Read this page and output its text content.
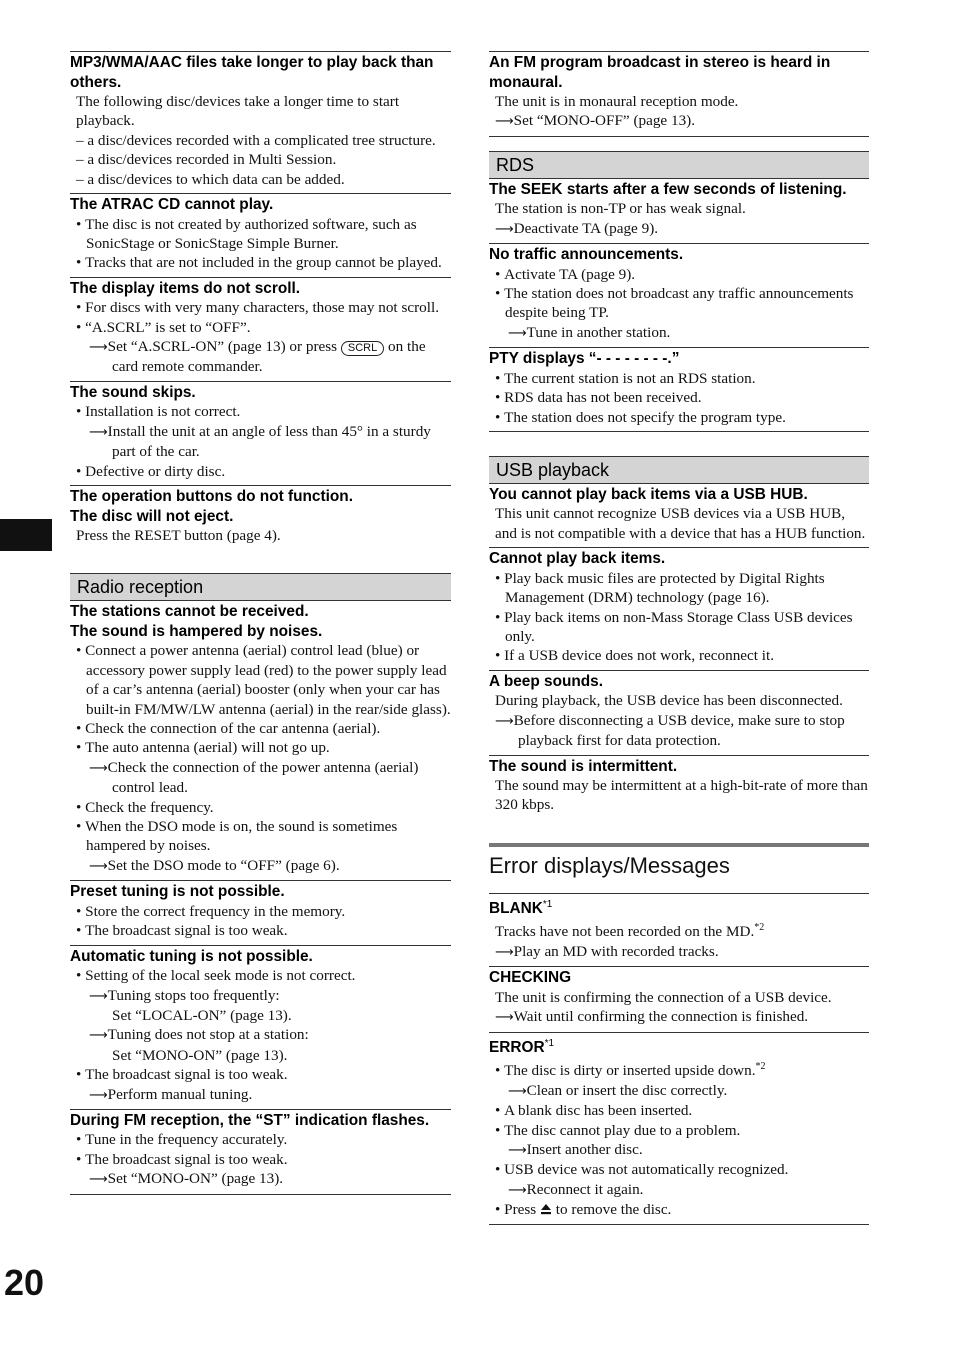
20
MP3/WMA/AAC files take longer to play back than others.
The following disc/devices take a longer time to start playback.
– a disc/devices recorded with a complicated tree structure.
– a disc/devices recorded in Multi Session.
– a disc/devices to which data can be added.
The ATRAC CD cannot play.
• The disc is not created by authorized software, such as SonicStage or SonicStage Simple Burner.
• Tracks that are not included in the group cannot be played.
The display items do not scroll.
• For discs with very many characters, those may not scroll.
• “A.SCRL” is set to “OFF”.
⟶Set “A.SCRL-ON” (page 13) or press SCRL on the card remote commander.
The sound skips.
• Installation is not correct.
⟶Install the unit at an angle of less than 45° in a sturdy part of the car.
• Defective or dirty disc.
The operation buttons do not function.
The disc will not eject.
Press the RESET button (page 4).
Radio reception
The stations cannot be received.
The sound is hampered by noises.
• Connect a power antenna (aerial) control lead (blue) or accessory power supply lead (red) to the power supply lead of a car’s antenna (aerial) booster (only when your car has built-in FM/MW/LW antenna (aerial) in the rear/side glass).
• Check the connection of the car antenna (aerial).
• The auto antenna (aerial) will not go up.
⟶Check the connection of the power antenna (aerial) control lead.
• Check the frequency.
• When the DSO mode is on, the sound is sometimes hampered by noises.
⟶Set the DSO mode to “OFF” (page 6).
Preset tuning is not possible.
• Store the correct frequency in the memory.
• The broadcast signal is too weak.
Automatic tuning is not possible.
• Setting of the local seek mode is not correct.
⟶Tuning stops too frequently:
Set “LOCAL-ON” (page 13).
⟶Tuning does not stop at a station:
Set “MONO-ON” (page 13).
• The broadcast signal is too weak.
⟶Perform manual tuning.
During FM reception, the “ST” indication flashes.
• Tune in the frequency accurately.
• The broadcast signal is too weak.
⟶Set “MONO-ON” (page 13).
An FM program broadcast in stereo is heard in monaural.
The unit is in monaural reception mode.
⟶Set “MONO-OFF” (page 13).
RDS
The SEEK starts after a few seconds of listening.
The station is non-TP or has weak signal.
⟶Deactivate TA (page 9).
No traffic announcements.
• Activate TA (page 9).
• The station does not broadcast any traffic announcements despite being TP.
⟶Tune in another station.
PTY displays “- - - - - - - -.”
• The current station is not an RDS station.
• RDS data has not been received.
• The station does not specify the program type.
USB playback
You cannot play back items via a USB HUB.
This unit cannot recognize USB devices via a USB HUB, and is not compatible with a device that has a HUB function.
Cannot play back items.
• Play back music files are protected by Digital Rights Management (DRM) technology (page 16).
• Play back items on non-Mass Storage Class USB devices only.
• If a USB device does not work, reconnect it.
A beep sounds.
During playback, the USB device has been disconnected.
⟶Before disconnecting a USB device, make sure to stop playback first for data protection.
The sound is intermittent.
The sound may be intermittent at a high-bit-rate of more than 320 kbps.
Error displays/Messages
BLANK$^{*1}$
Tracks have not been recorded on the MD.$^{*2}$
⟶Play an MD with recorded tracks.
CHECKING
The unit is confirming the connection of a USB device.
⟶Wait until confirming the connection is finished.
ERROR$^{*1}$
• The disc is dirty or inserted upside down.$^{*2}$
⟶Clean or insert the disc correctly.
• A blank disc has been inserted.
• The disc cannot play due to a problem.
⟶Insert another disc.
• USB device was not automatically recognized.
⟶Reconnect it again.
• Press to remove the disc.
